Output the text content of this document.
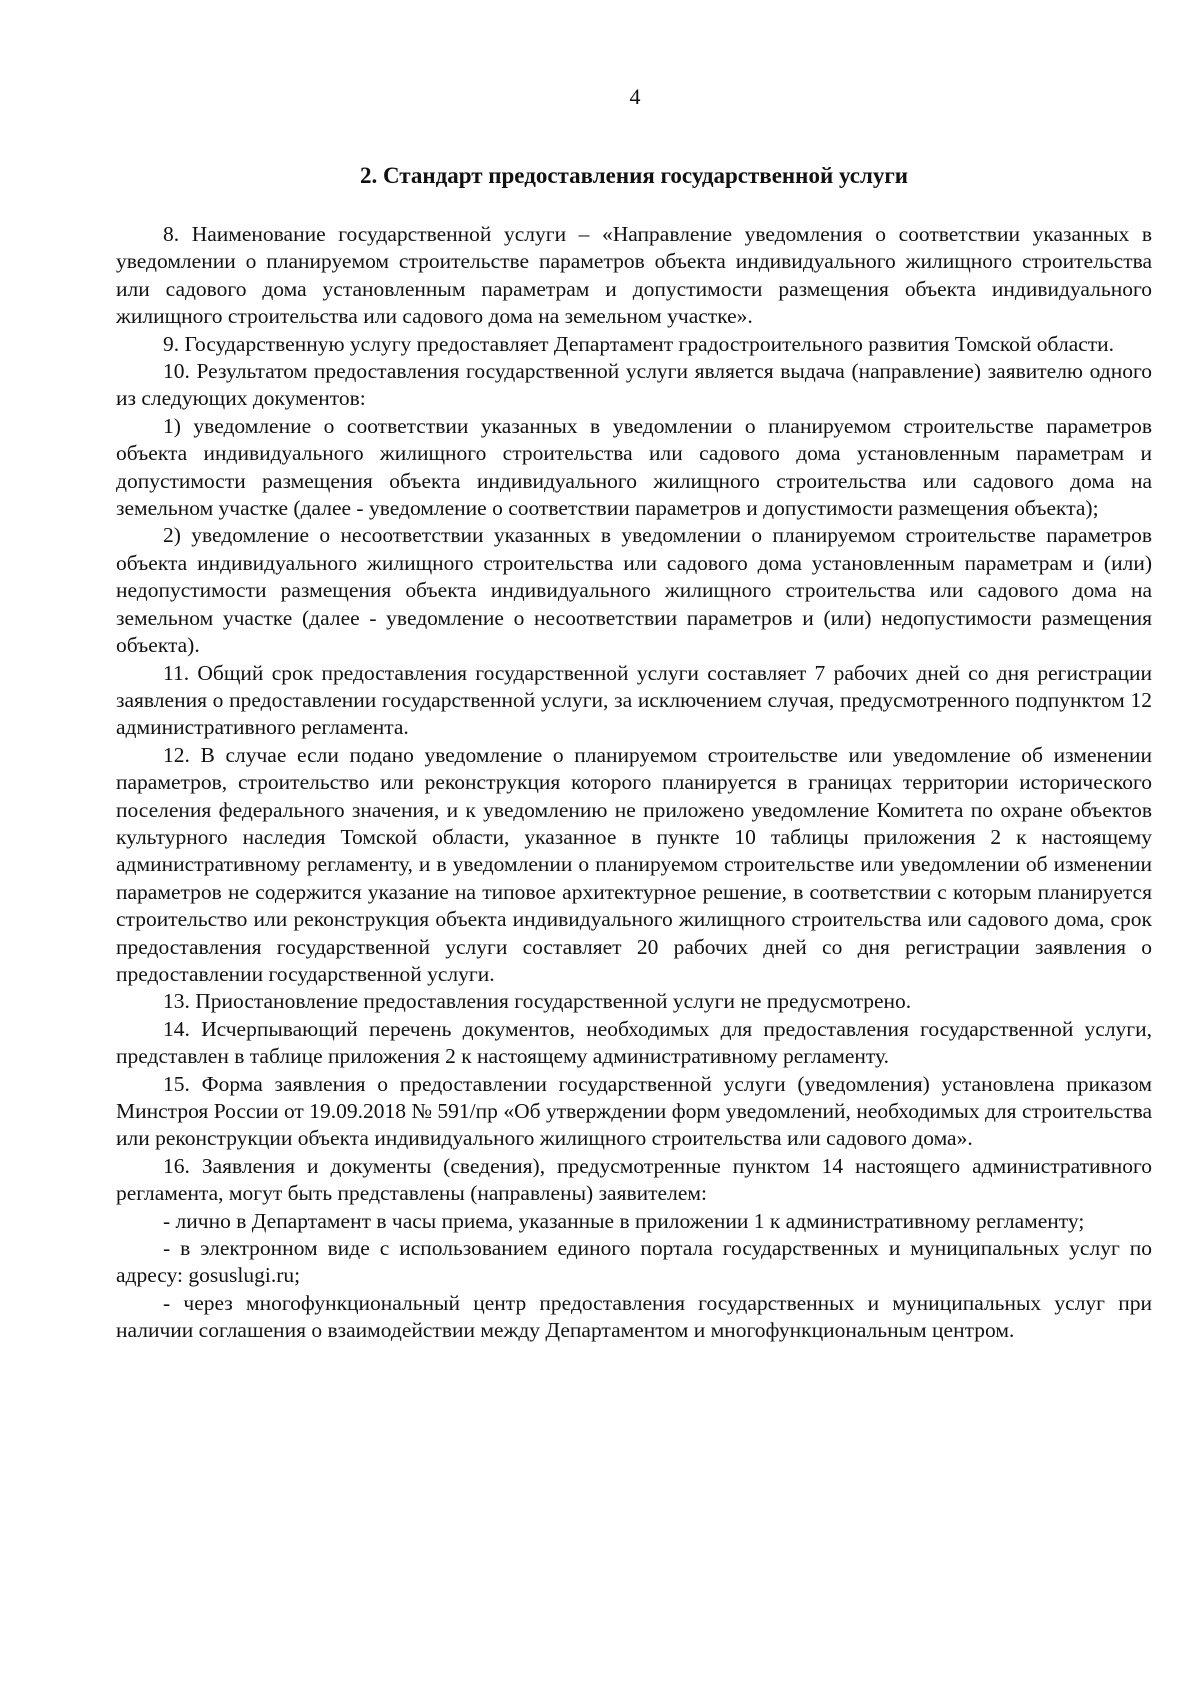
4
2. Стандарт предоставления государственной услуги

8. Наименование государственной услуги – «Направление уведомления о соответствии указанных в уведомлении о планируемом строительстве параметров объекта индивидуального жилищного строительства или садового дома установленным параметрам и допустимости размещения объекта индивидуального жилищного строительства или садового дома на земельном участке».

9. Государственную услугу предоставляет Департамент градостроительного развития Томской области.

10. Результатом предоставления государственной услуги является выдача (направление) заявителю одного из следующих документов:

1) уведомление о соответствии указанных в уведомлении о планируемом строительстве параметров объекта индивидуального жилищного строительства или садового дома установленным параметрам и допустимости размещения объекта индивидуального жилищного строительства или садового дома на земельном участке (далее - уведомление о соответствии параметров и допустимости размещения объекта);

2) уведомление о несоответствии указанных в уведомлении о планируемом строительстве параметров объекта индивидуального жилищного строительства или садового дома установленным параметрам и (или) недопустимости размещения объекта индивидуального жилищного строительства или садового дома на земельном участке (далее - уведомление о несоответствии параметров и (или) недопустимости размещения объекта).

11. Общий срок предоставления государственной услуги составляет 7 рабочих дней со дня регистрации заявления о предоставлении государственной услуги, за исключением случая, предусмотренного подпунктом 12 административного регламента.

12. В случае если подано уведомление о планируемом строительстве или уведомление об изменении параметров, строительство или реконструкция которого планируется в границах территории исторического поселения федерального значения, и к уведомлению не приложено уведомление Комитета по охране объектов культурного наследия Томской области, указанное в пункте 10 таблицы приложения 2 к настоящему административному регламенту, и в уведомлении о планируемом строительстве или уведомлении об изменении параметров не содержится указание на типовое архитектурное решение, в соответствии с которым планируется строительство или реконструкция объекта индивидуального жилищного строительства или садового дома, срок предоставления государственной услуги составляет 20 рабочих дней со дня регистрации заявления о предоставлении государственной услуги.

13. Приостановление предоставления государственной услуги не предусмотрено.

14. Исчерпывающий перечень документов, необходимых для предоставления государственной услуги, представлен в таблице приложения 2 к настоящему административному регламенту.

15. Форма заявления о предоставлении государственной услуги (уведомления) установлена приказом Минстроя России от 19.09.2018 № 591/пр «Об утверждении форм уведомлений, необходимых для строительства или реконструкции объекта индивидуального жилищного строительства или садового дома».

16. Заявления и документы (сведения), предусмотренные пунктом 14 настоящего административного регламента, могут быть представлены (направлены) заявителем:

- лично в Департамент в часы приема, указанные в приложении 1 к административному регламенту;

- в электронном виде с использованием единого портала государственных и муниципальных услуг по адресу: gosuslugi.ru;

- через многофункциональный центр предоставления государственных и муниципальных услуг при наличии соглашения о взаимодействии между Департаментом и многофункциональным центром.
